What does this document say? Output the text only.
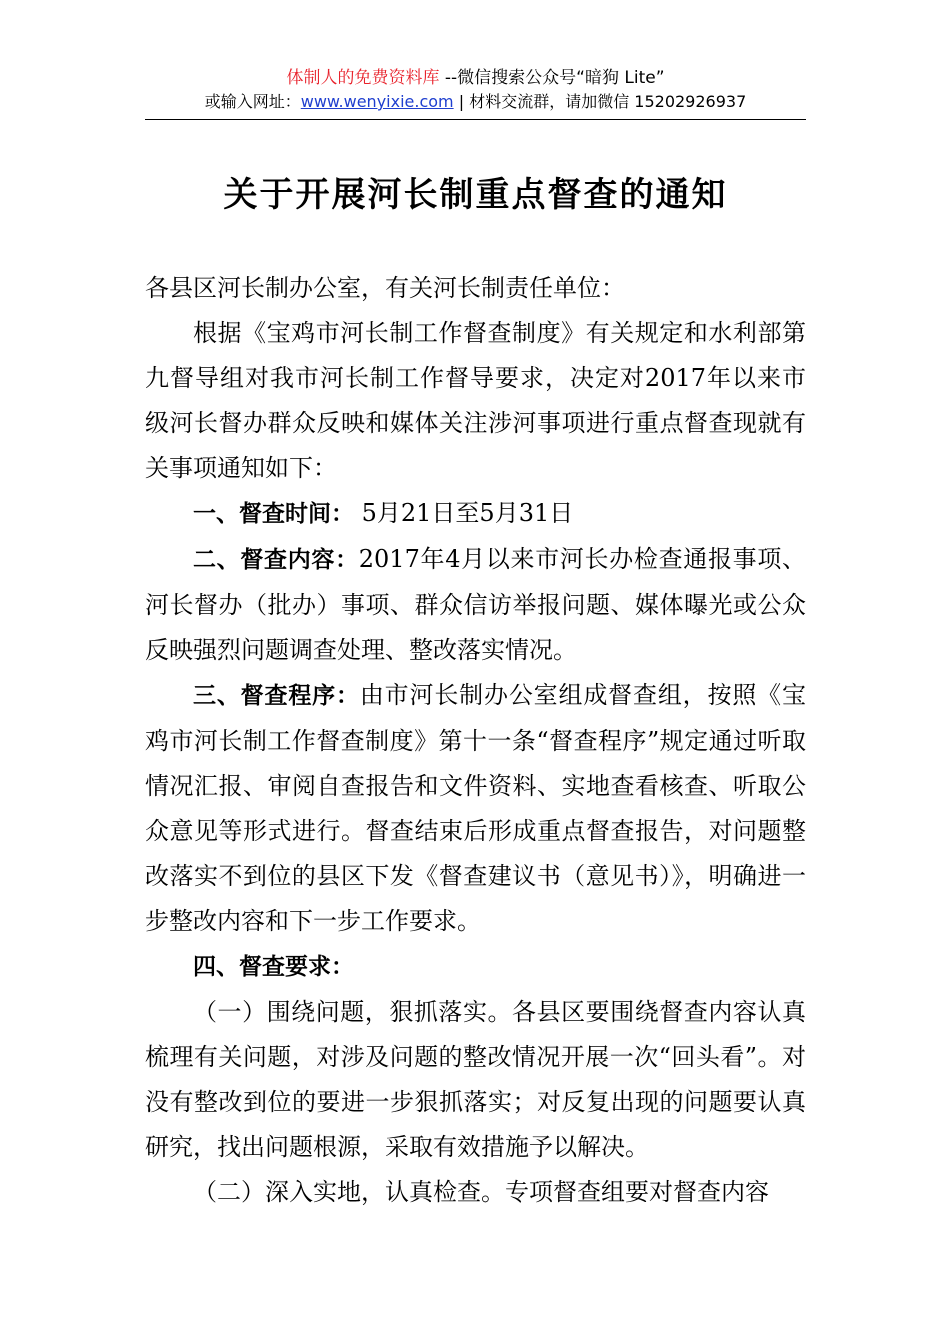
体制人的免费资料库 --微信搜索公众号“暗狗 Lite”
或输入网址：www.wenyixie.com | 材料交流群，请加微信 15202926937
关于开展河长制重点督查的通知

各县区河长制办公室，有关河长制责任单位：

根据《宝鸡市河长制工作督查制度》有关规定和水利部第九督导组对我市河长制工作督导要求，决定对2017年以来市级河长督办群众反映和媒体关注涉河事项进行重点督查现就有关事项通知如下：

一、督查时间： 5月21日至5月31日

二、督查内容：2017年4月以来市河长办检查通报事项、河长督办（批办）事项、群众信访举报问题、媒体曝光或公众反映强烈问题调查处理、整改落实情况。

三、督查程序：由市河长制办公室组成督查组，按照《宝鸡市河长制工作督查制度》第十一条“督查程序”规定通过听取情况汇报、审阅自查报告和文件资料、实地查看核查、听取公众意见等形式进行。督查结束后形成重点督查报告，对问题整改落实不到位的县区下发《督查建议书（意见书）》，明确进一步整改内容和下一步工作要求。

四、督查要求：

（一）围绕问题，狠抓落实。各县区要围绕督查内容认真梳理有关问题，对涉及问题的整改情况开展一次“回头看”。对没有整改到位的要进一步狠抓落实；对反复出现的问题要认真研究，找出问题根源，采取有效措施予以解决。

（二）深入实地，认真检查。专项督查组要对督查内容
